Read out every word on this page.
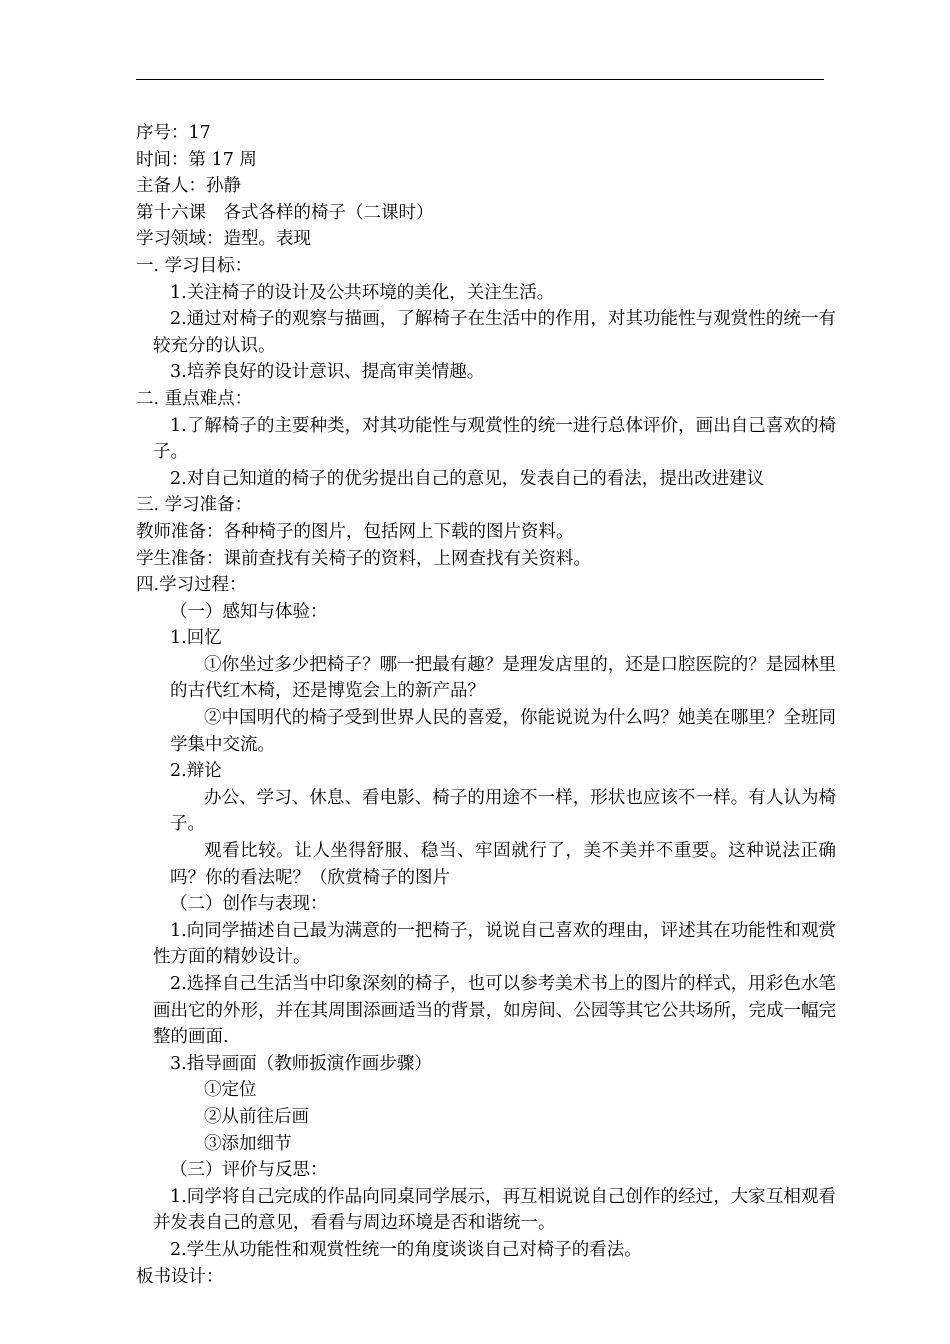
序号：17
时间：第 17 周
主备人：孙静
第十六课　各式各样的椅子（二课时）
学习领域：造型。表现
一. 学习目标：
1.关注椅子的设计及公共环境的美化，关注生活。
2.通过对椅子的观察与描画，了解椅子在生活中的作用，对其功能性与观赏性的统一有较充分的认识。
3.培养良好的设计意识、提高审美情趣。
二. 重点难点：
1.了解椅子的主要种类，对其功能性与观赏性的统一进行总体评价，画出自己喜欢的椅子。
2.对自己知道的椅子的优劣提出自己的意见，发表自己的看法，提出改进建议
三. 学习准备：
教师准备：各种椅子的图片，包括网上下载的图片资料。
学生准备：课前查找有关椅子的资料，上网查找有关资料。
四.学习过程：
（一）感知与体验：
1.回忆
①你坐过多少把椅子？哪一把最有趣？是理发店里的，还是口腔医院的？是园林里的古代红木椅，还是博览会上的新产品？
②中国明代的椅子受到世界人民的喜爱，你能说说为什么吗？她美在哪里？全班同学集中交流。
2.辩论
办公、学习、休息、看电影、椅子的用途不一样，形状也应该不一样。有人认为椅子。
观看比较。让人坐得舒服、稳当、牢固就行了，美不美并不重要。这种说法正确吗？你的看法呢？（欣赏椅子的图片
（二）创作与表现：
1.向同学描述自己最为满意的一把椅子，说说自己喜欢的理由，评述其在功能性和观赏性方面的精妙设计。
2.选择自己生活当中印象深刻的椅子，也可以参考美术书上的图片的样式，用彩色水笔画出它的外形，并在其周围添画适当的背景，如房间、公园等其它公共场所，完成一幅完整的画面.
3.指导画面（教师扳演作画步骤）
①定位
②从前往后画
③添加细节
（三）评价与反思：
1.同学将自己完成的作品向同桌同学展示，再互相说说自己创作的经过，大家互相观看并发表自己的意见，看看与周边环境是否和谐统一。
2.学生从功能性和观赏性统一的角度谈谈自己对椅子的看法。
板书设计：
